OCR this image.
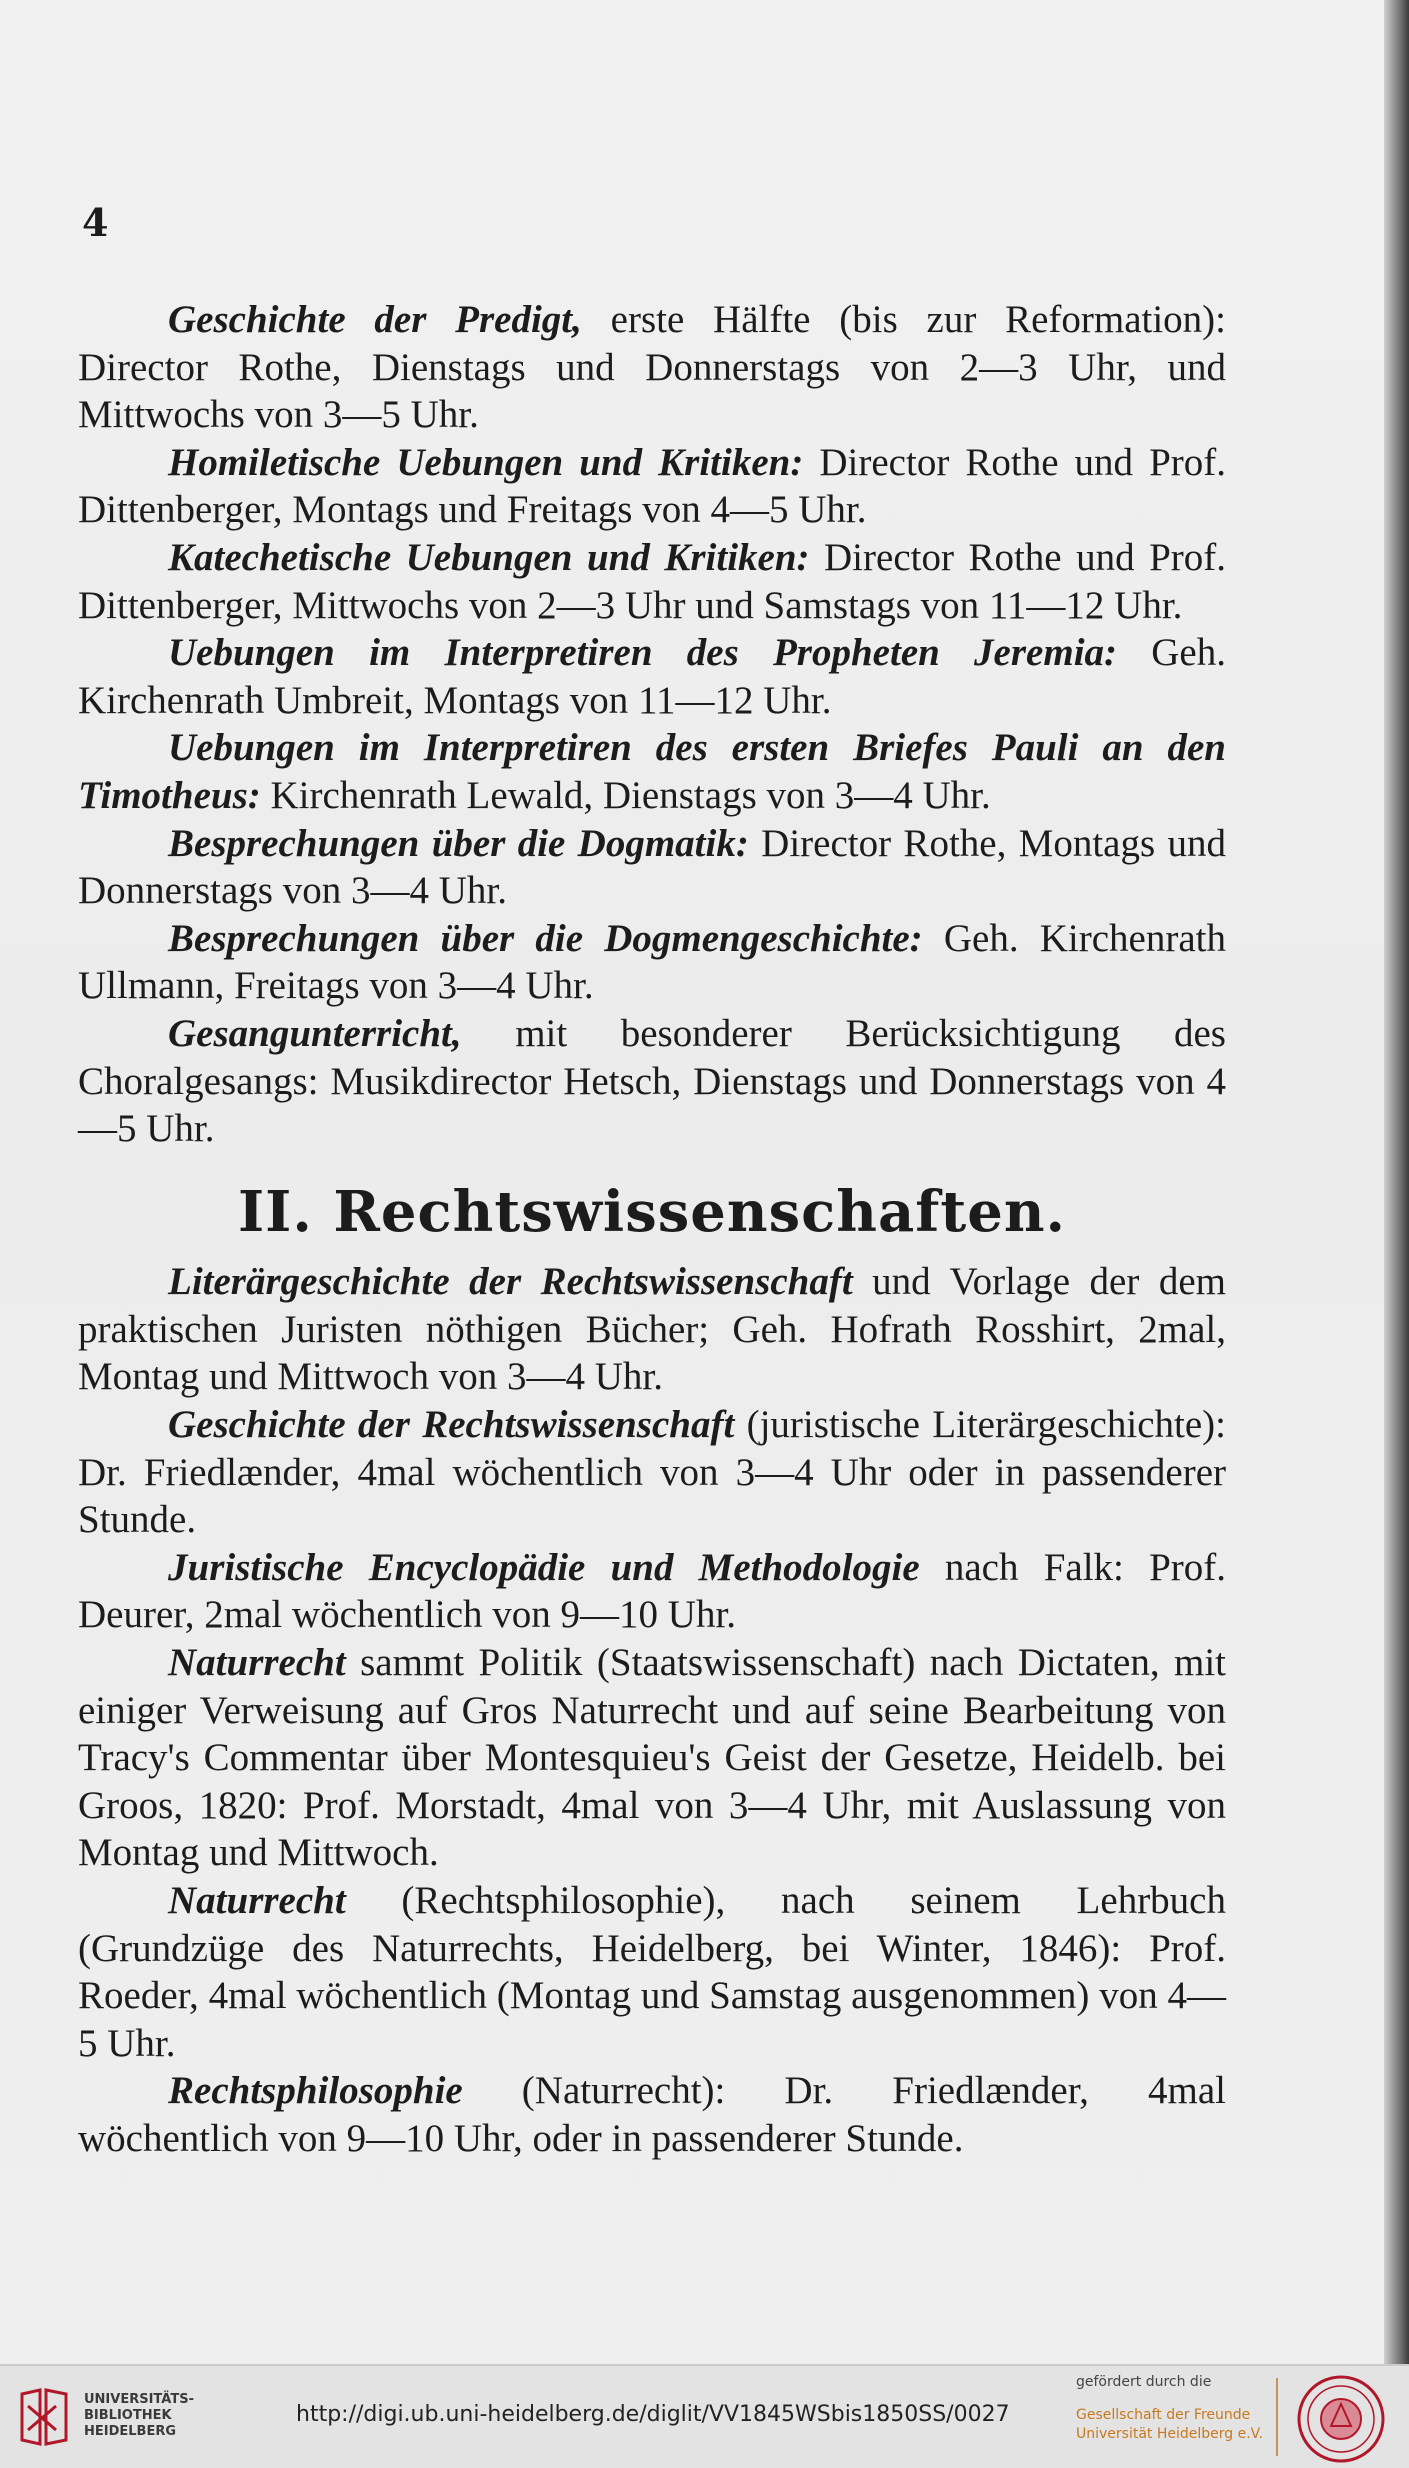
4

Geschichte der Predigt, erste Hälfte (bis zur Reformation): Director Rothe, Dienstags und Donnerstags von 2—3 Uhr, und Mittwochs von 3—5 Uhr.

Homiletische Uebungen und Kritiken: Director Rothe und Prof. Dittenberger, Montags und Freitags von 4—5 Uhr.

Katechetische Uebungen und Kritiken: Director Rothe und Prof. Dittenberger, Mittwochs von 2—3 Uhr und Samstags von 11—12 Uhr.

Uebungen im Interpretiren des Propheten Jeremia: Geh. Kirchenrath Umbreit, Montags von 11—12 Uhr.

Uebungen im Interpretiren des ersten Briefes Pauli an den Timotheus: Kirchenrath Lewald, Dienstags von 3—4 Uhr.

Besprechungen über die Dogmatik: Director Rothe, Montags und Donnerstags von 3—4 Uhr.

Besprechungen über die Dogmengeschichte: Geh. Kirchenrath Ullmann, Freitags von 3—4 Uhr.

Gesangunterricht, mit besonderer Berücksichtigung des Choralgesangs: Musikdirector Hetsch, Dienstags und Donnerstags von 4—5 Uhr.

II. Rechtswissenschaften.

Literärgeschichte der Rechtswissenschaft und Vorlage der dem praktischen Juristen nöthigen Bücher; Geh. Hofrath Rosshirt, 2mal, Montag und Mittwoch von 3—4 Uhr.

Geschichte der Rechtswissenschaft (juristische Literärgeschichte): Dr. Friedlænder, 4mal wöchentlich von 3—4 Uhr oder in passenderer Stunde.

Juristische Encyclopädie und Methodologie nach Falk: Prof. Deurer, 2mal wöchentlich von 9—10 Uhr.

Naturrecht sammt Politik (Staatswissenschaft) nach Dictaten, mit einiger Verweisung auf Gros Naturrecht und auf seine Bearbeitung von Tracy's Commentar über Montesquieu's Geist der Gesetze, Heidelb. bei Groos, 1820: Prof. Morstadt, 4mal von 3—4 Uhr, mit Auslassung von Montag und Mittwoch.

Naturrecht (Rechtsphilosophie), nach seinem Lehrbuch (Grundzüge des Naturrechts, Heidelberg, bei Winter, 1846): Prof. Roeder, 4mal wöchentlich (Montag und Samstag ausgenommen) von 4—5 Uhr.

Rechtsphilosophie (Naturrecht): Dr. Friedlænder, 4mal wöchentlich von 9—10 Uhr, oder in passenderer Stunde.

UNIVERSITÄTS-
BIBLIOTHEK
HEIDELBERG
http://digi.ub.uni-heidelberg.de/diglit/VV1845WSbis1850SS/0027
gefördert durch die
Gesellschaft der Freunde
Universität Heidelberg e.V.
